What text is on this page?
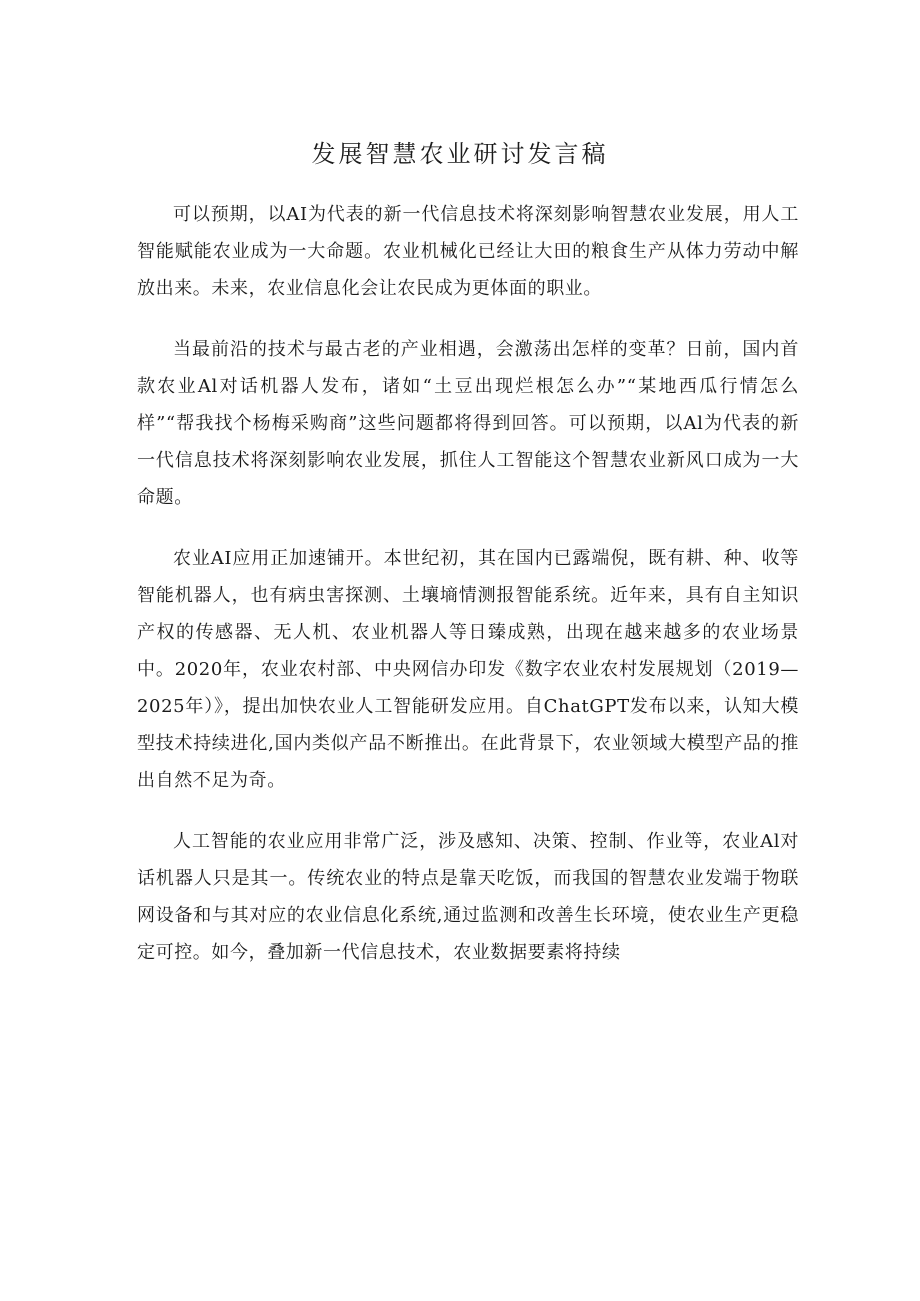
发展智慧农业研讨发言稿

可以预期，以AI为代表的新一代信息技术将深刻影响智慧农业发展，用人工智能赋能农业成为一大命题。农业机械化已经让大田的粮食生产从体力劳动中解放出来。未来，农业信息化会让农民成为更体面的职业。

当最前沿的技术与最古老的产业相遇，会激荡出怎样的变革？日前，国内首款农业Al对话机器人发布，诸如“土豆出现烂根怎么办”“某地西瓜行情怎么样”“帮我找个杨梅采购商”这些问题都将得到回答。可以预期，以Al为代表的新一代信息技术将深刻影响农业发展，抓住人工智能这个智慧农业新风口成为一大命题。

农业AI应用正加速铺开。本世纪初，其在国内已露端倪，既有耕、种、收等智能机器人，也有病虫害探测、土壤墒情测报智能系统。近年来，具有自主知识产权的传感器、无人机、农业机器人等日臻成熟，出现在越来越多的农业场景中。2020年，农业农村部、中央网信办印发《数字农业农村发展规划（2019—2025年）》，提出加快农业人工智能研发应用。自ChatGPT发布以来，认知大模型技术持续进化,国内类似产品不断推出。在此背景下，农业领域大模型产品的推出自然不足为奇。

人工智能的农业应用非常广泛，涉及感知、决策、控制、作业等，农业Al对话机器人只是其一。传统农业的特点是靠天吃饭，而我国的智慧农业发端于物联网设备和与其对应的农业信息化系统,通过监测和改善生长环境，使农业生产更稳定可控。如今，叠加新一代信息技术，农业数据要素将持续
